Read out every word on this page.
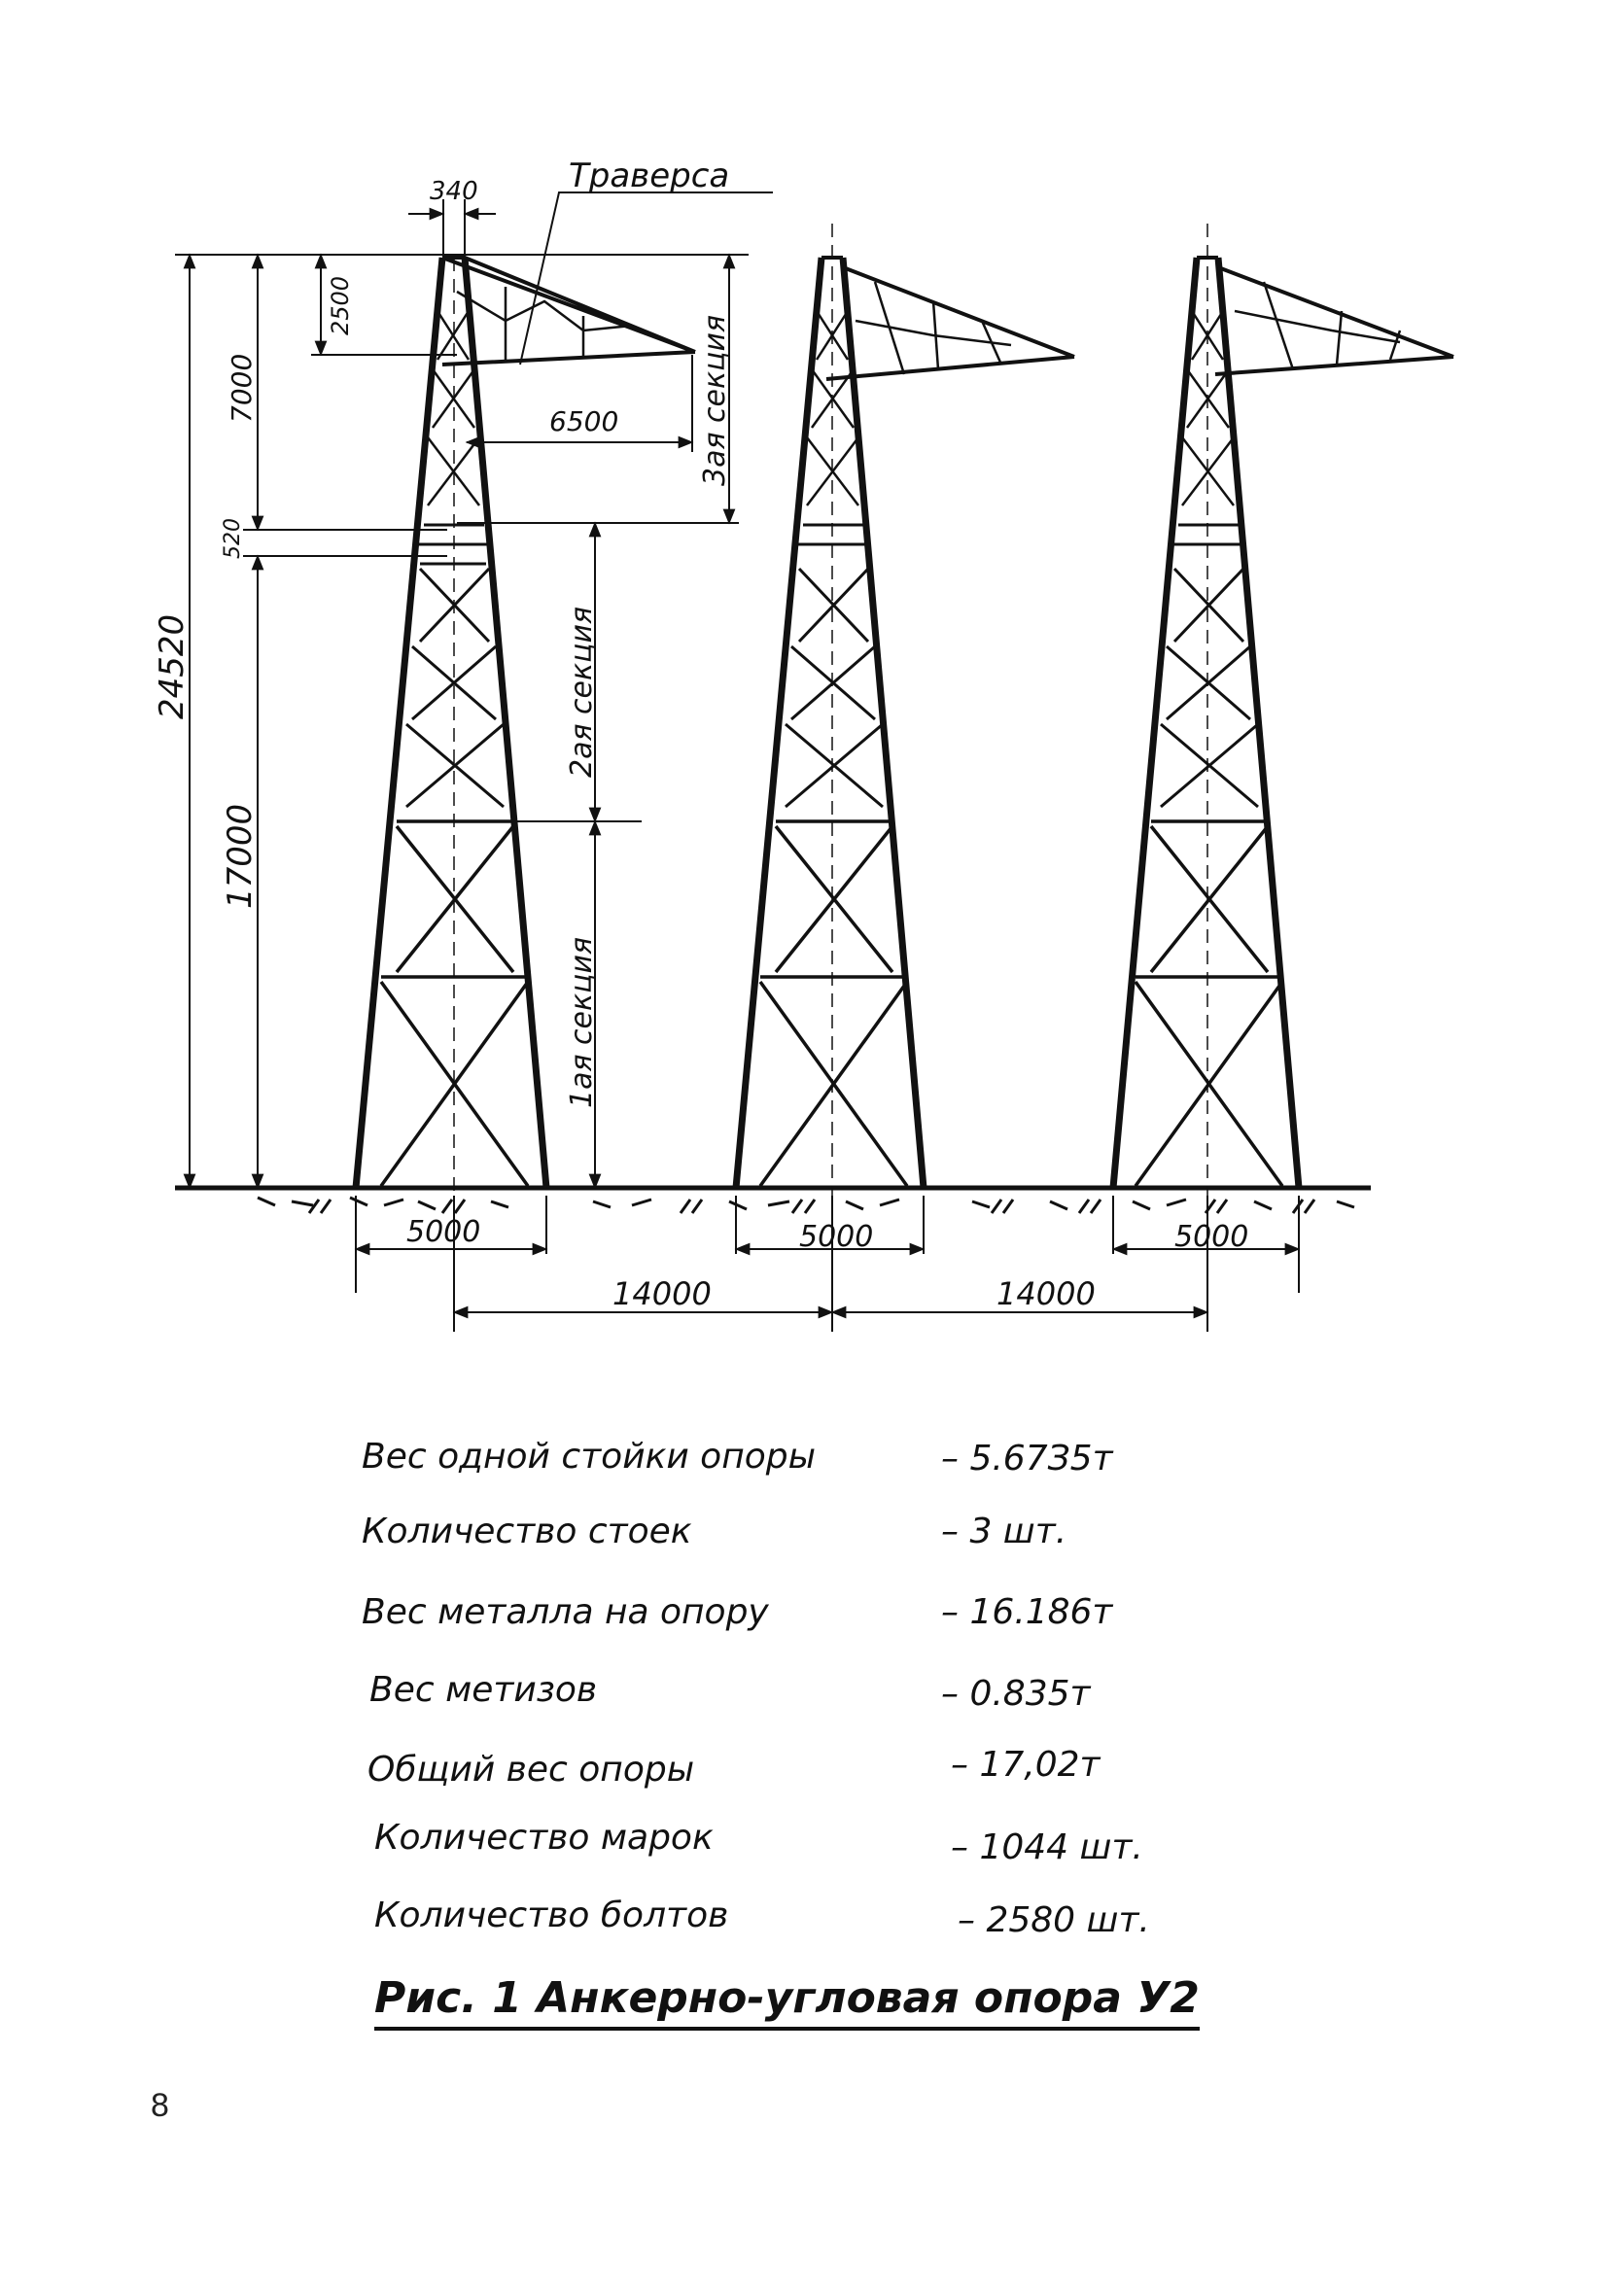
Траверса
340
2500
7000
520
24520
17000
6500	3ая секция
2ая секция
1ая секция
5000	5000	5000
14000	14000
Вес одной стойки опоры	– 5.67З5т
Количество стоек	– 3 шт.
Вес металла на опору	– 16.186т
Вес метизов	– 0.835т
Общий вес опоры	– 17,02т
Количество марок	– 1044 шт.
Количество болтов	– 2580 шт.
Рис. 1 Анкерно-угловая опора У2
8
